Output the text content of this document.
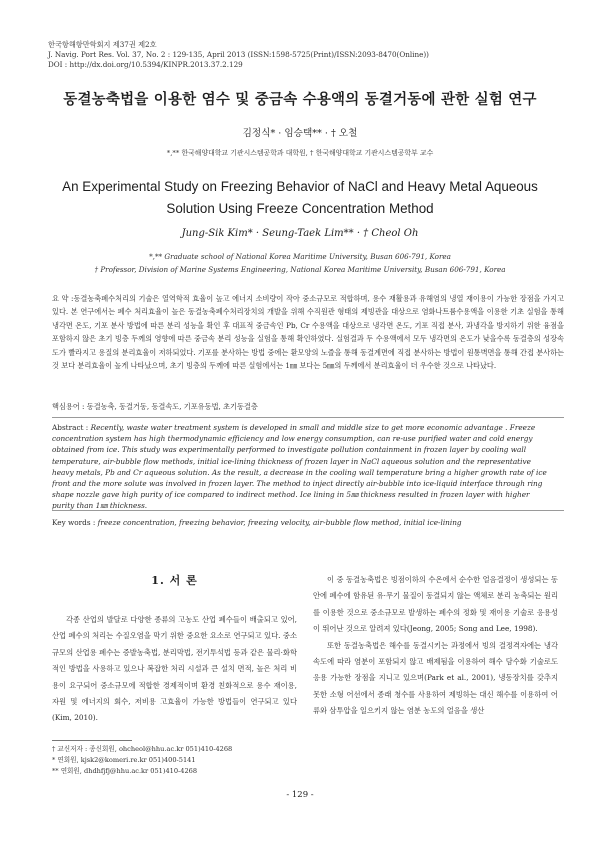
한국항해항만학회지 제37권 제2호
J. Navig. Port Res. Vol. 37, No. 2 : 129-135, April 2013 (ISSN:1598-5725(Print)/ISSN:2093-8470(Online))
DOI : http://dx.doi.org/10.5394/KINPR.2013.37.2.129
동결농축법을 이용한 염수 및 중금속 수용액의 동결거동에 관한 실험 연구
김정식* · 임승택** · † 오철
*,** 한국해양대학교 기관시스템공학과 대학원, † 한국해양대학교 기관시스템공학부 교수
An Experimental Study on Freezing Behavior of NaCl and Heavy Metal Aqueous
Solution Using Freeze Concentration Method
Jung-Sik Kim* · Seung-Taek Lim** · † Cheol Oh
*,** Graduate school of National Korea Maritime University, Busan 606-791, Korea
† Professor, Division of Marine Systems Engineering, National Korea Maritime University, Busan 606-791, Korea
요 약 :동결농축폐수처리의 기술은 열역학적 효율이 높고 에너지 소비량이 작아 중소규모로 적합하며, 용수 재활용과 유해염의 냉열 재이용이 가능한 장점을 가지고 있다. 본 연구에서는 폐수 처리효율이 높은 동결농축폐수처리장치의 개발을 위해 수직원관 형태의 제빙관을 대상으로 염화나트륨수용액을 이용한 기초 실험을 통해 냉각면 온도, 기포 분사 방법에 따른 분리 성능을 확인 후 대표적 중금속인 Pb, Cr 수용액을 대상으로 냉각면 온도, 기포 직접 분사, 과냉각을 방지하기 위한 융점을 포함하지 않은 초기 빙층 두께의 영향에 따른 중금속 분리 성능을 실험을 통해 확인하였다. 실험결과 두 수용액에서 모두 냉각면의 온도가 낮을수록 동결층의 성장속도가 빨라지고 용질의 분리효율이 저하되었다. 기포를 분사하는 방법 중에는 환모양의 노즐을 통해 동결계면에 직접 분사하는 방법이 원통벽면을 통해 간접 분사하는 것 보다 분리효율이 높게 나타났으며, 초기 빙층의 두께에 따른 실험에서는 1㎜ 보다는 5㎜의 두께에서 분리효율이 더 우수한 것으로 나타났다.
핵심용어 : 동결농축, 동결거동, 동결속도, 기포유동법, 초기동결층
Abstract : Recently, waste water treatment system is developed in small and middle size to get more economic advantage . Freeze concentration system has high thermodynamic efficiency and low energy consumption, can re-use purified water and cold energy obtained from ice. This study was experimentally performed to investigate pollution containment in frozen layer by cooling wall temperature, air-bubble flow methods, initial ice-lining thickness of frozen layer in NaCl aqueous solution and the representative heavy metals, Pb and Cr aqueous solution. As the result, a decrease in the cooling wall temperature bring a higher growth rate of ice front and the more solute was involved in frozen layer. The method to inject directly air-bubble into ice-liquid interface through ring shape nozzle gave high purity of ice compared to indirect method. Ice lining in 5㎜ thickness resulted in frozen layer with higher purity than 1㎜ thickness.
Key words : freeze concentration, freezing behavior, freezing velocity, air-bubble flow method, initial ice-lining
1. 서 론

각종 산업의 발달로 다양한 종류의 고농도 산업 폐수들이 배출되고 있어, 산업 폐수의 처리는 수질오염을 막기 위한 중요한 요소로 연구되고 있다. 중소규모의 산업용 폐수는 증발농축법, 분리막법, 전기투석법 등과 같은 물리·화학적인 방법을 사용하고 있으나 복잡한 처리 시설과 큰 설치 면적, 높은 처리 비용이 요구되어 중소규모에 적합한 경제적이며 환경 친화적으로 용수 재이용, 자원 및 에너지의 회수, 저비용 고효율이 가능한 방법들이 연구되고 있다(Kim, 2010).

이 중 동결농축법은 빙점이하의 수온에서 순수한 얼음결정이 생성되는 동안에 폐수에 함유된 유·무기 물질이 동결되지 않는 액체로 분리 농축되는 원리를 이용한 것으로 중소규모로 발생하는 폐수의 정화 및 재이용 기술로 응용성이 뛰어난 것으로 알려져 있다(Jeong, 2005; Song and Lee, 1998).

또한 동결농축법은 해수를 동결시키는 과정에서 빙의 결정격자에는 냉각속도에 따라 염분이 포함되지 않고 배제됨을 이용하여 해수 담수화 기술로도 응용 가능한 장점을 지니고 있으며(Park et al., 2001), 냉동장치를 갖추지 못한 소형 어선에서 종래 청수를 사용하여 제빙하는 대신 해수를 이용하여 어류와 삼투압을 일으키지 않는 염분 농도의 얼음을 생산

† 교신저자 : 종신회원, ohcheol@hhu.ac.kr 051)410-4268
* 연회원, kjsk2@komeri.re.kr 051)400-5141
** 연회원, dhdhfjfj@hhu.ac.kr 051)410-4268
- 129 -
